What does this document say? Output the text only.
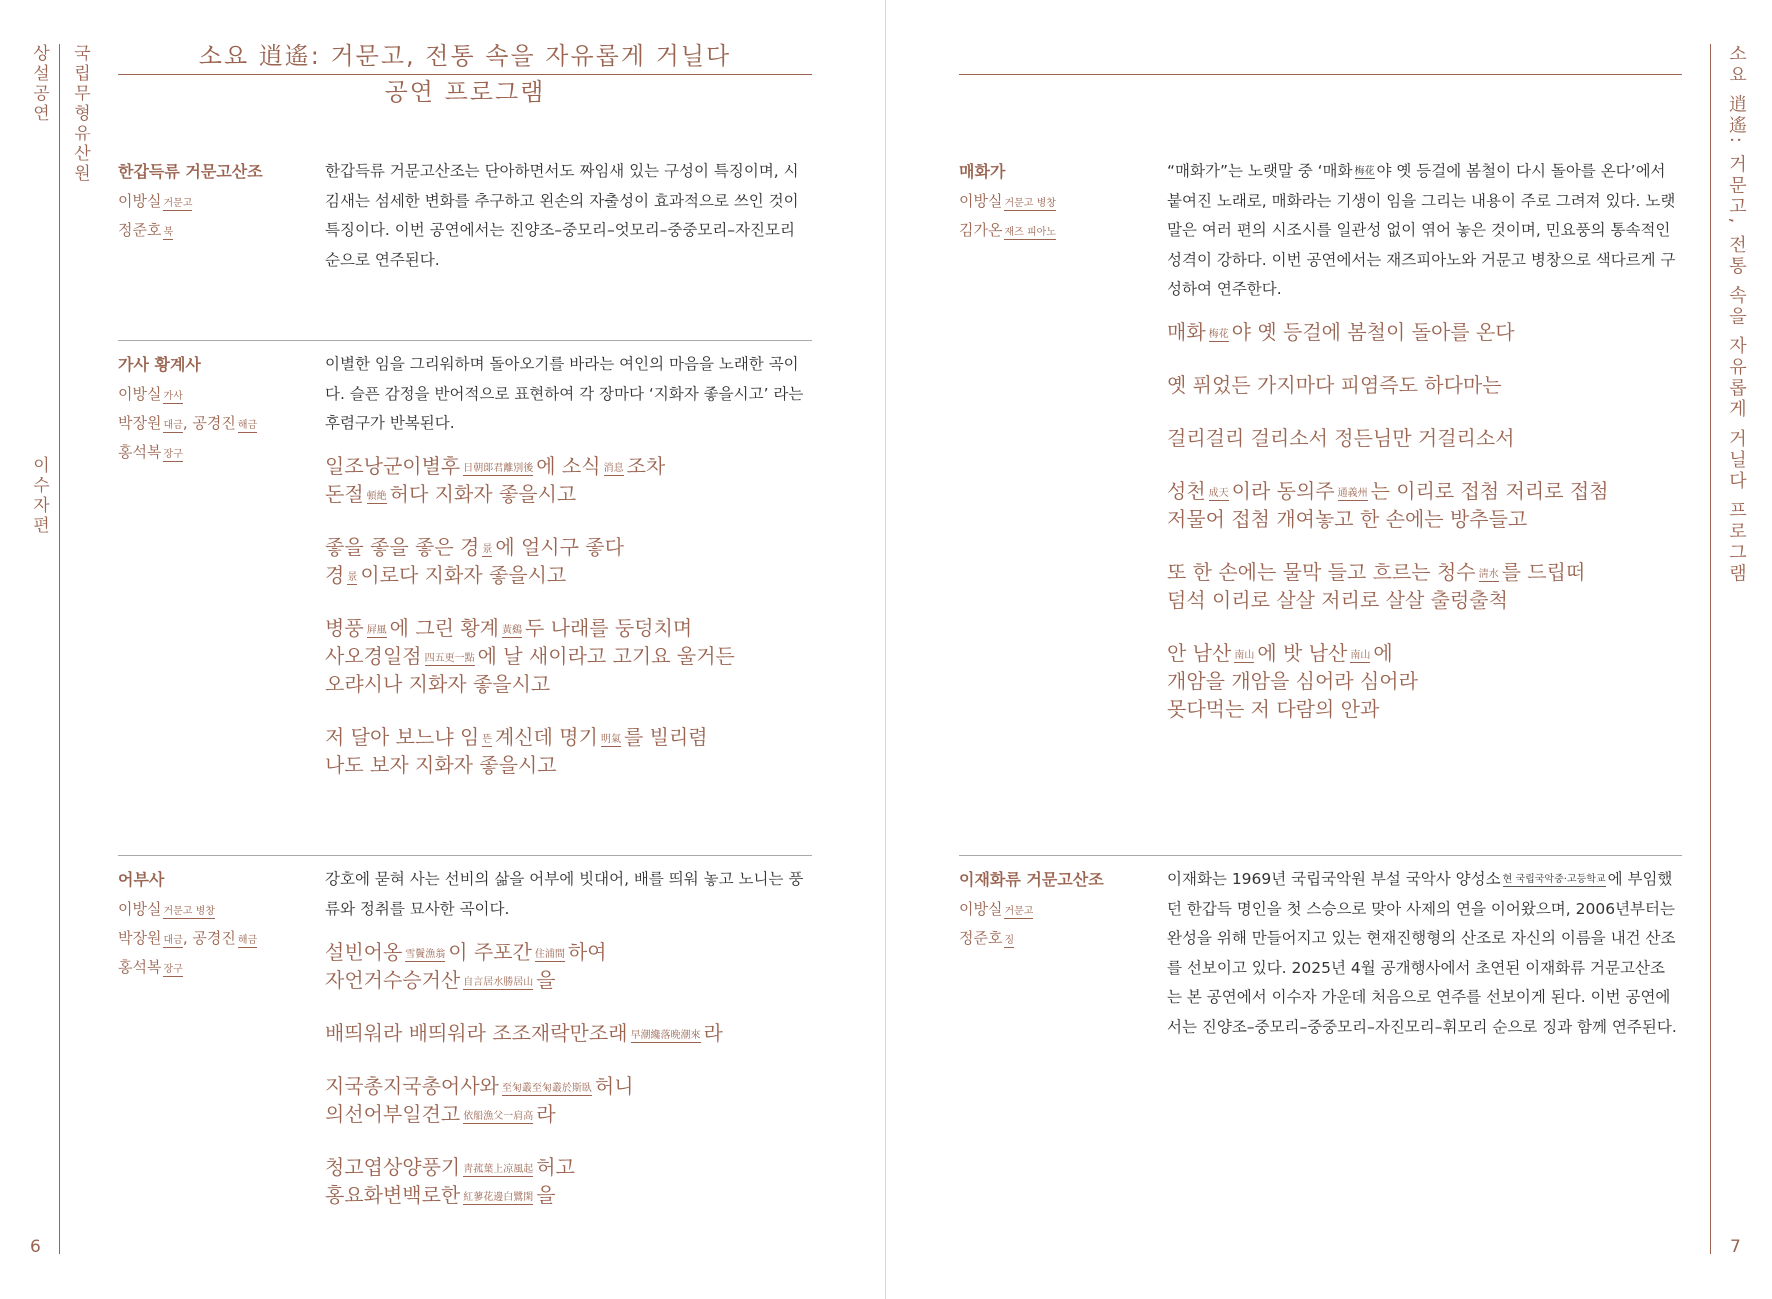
상설공연
이수자편
국립무형유산원
6
소요 逍遙: 거문고, 전통 속을 자유롭게 거닐다
공연 프로그램
한갑득류 거문고산조
이방실 거문고
정준호 북
한갑득류 거문고산조는 단아하면서도 짜임새 있는 구성이 특징이며, 시김새는 섬세한 변화를 추구하고 왼손의 자출성이 효과적으로 쓰인 것이 특징이다. 이번 공연에서는 진양조–중모리–엇모리–중중모리–자진모리 순으로 연주된다.
가사 황계사
이방실 가사
박장원 대금, 공경진 해금
홍석복 장구
이별한 임을 그리워하며 돌아오기를 바라는 여인의 마음을 노래한 곡이다. 슬픈 감정을 반어적으로 표현하여 각 장마다 ‘지화자 좋을시고’ 라는 후렴구가 반복된다.
일조낭군이별후 日朝郞君離別後 에 소식 消息 조차
돈절 頓絶 허다 지화자 좋을시고
좋을 좋을 좋은 경 景 에 얼시구 좋다
경 景 이로다 지화자 좋을시고
병풍 屛風 에 그린 황계 黃鷄 두 나래를 둥덩치며
사오경일점 四五更一點 에 날 새이라고 고기요 울거든
오랴시나 지화자 좋을시고
저 달아 보느냐 임 뜬 계신데 명기 明氣 를 빌리렴
나도 보자 지화자 좋을시고
어부사
이방실 거문고 병창
박장원 대금, 공경진 해금
홍석복 장구
강호에 묻혀 사는 선비의 삶을 어부에 빗대어, 배를 띄워 놓고 노니는 풍류와 정취를 묘사한 곡이다.
설빈어옹 雪鬢漁翁 이 주포간 住浦間 하여
자언거수승거산 自言居水勝居山 을
배띄워라 배띄워라 조조재락만조래 早潮纔落晩潮來 라
지국총지국총어사와 至匊叢至匊叢於斯臥 허니
의선어부일견고 依船漁父一肩高 라
청고엽상양풍기 靑菰葉上凉風起 허고
홍요화변백로한 紅蓼花邊白鷺閑 을
소요 逍遙: 거문고, 전통 속을 자유롭게 거닐다 프로그램
7
매화가
이방실 거문고 병창
김가온 재즈 피아노
“매화가”는 노랫말 중 ‘매화 梅花 야 옛 등걸에 봄철이 다시 돌아를 온다’에서 붙여진 노래로, 매화라는 기생이 임을 그리는 내용이 주로 그려져 있다. 노랫말은 여러 편의 시조시를 일관성 없이 엮어 놓은 것이며, 민요풍의 통속적인 성격이 강하다. 이번 공연에서는 재즈피아노와 거문고 병창으로 색다르게 구성하여 연주한다.
매화 梅花 야 옛 등걸에 봄철이 돌아를 온다
옛 퓌었든 가지마다 피염즉도 하다마는
걸리걸리 걸리소서 정든님만 거걸리소서
성천 成天 이라 동의주 通義州 는 이리로 접첨 저리로 접첨
저물어 접첨 개여놓고 한 손에는 방추들고
또 한 손에는 물막 들고 흐르는 청수 淸水 를 드립떠
덤석 이리로 살살 저리로 살살 출렁출척
안 남산 南山 에 밧 남산 南山 에
개암을 개암을 심어라 심어라
못다먹는 저 다람의 안과
이재화류 거문고산조
이방실 거문고
정준호 징
이재화는 1969년 국립국악원 부설 국악사 양성소 현 국립국악중·고등학교 에 부임했던 한갑득 명인을 첫 스승으로 맞아 사제의 연을 이어왔으며, 2006년부터는 완성을 위해 만들어지고 있는 현재진행형의 산조로 자신의 이름을 내건 산조를 선보이고 있다. 2025년 4월 공개행사에서 초연된 이재화류 거문고산조는 본 공연에서 이수자 가운데 처음으로 연주를 선보이게 된다. 이번 공연에서는 진양조–중모리–중중모리–자진모리–휘모리 순으로 징과 함께 연주된다.
